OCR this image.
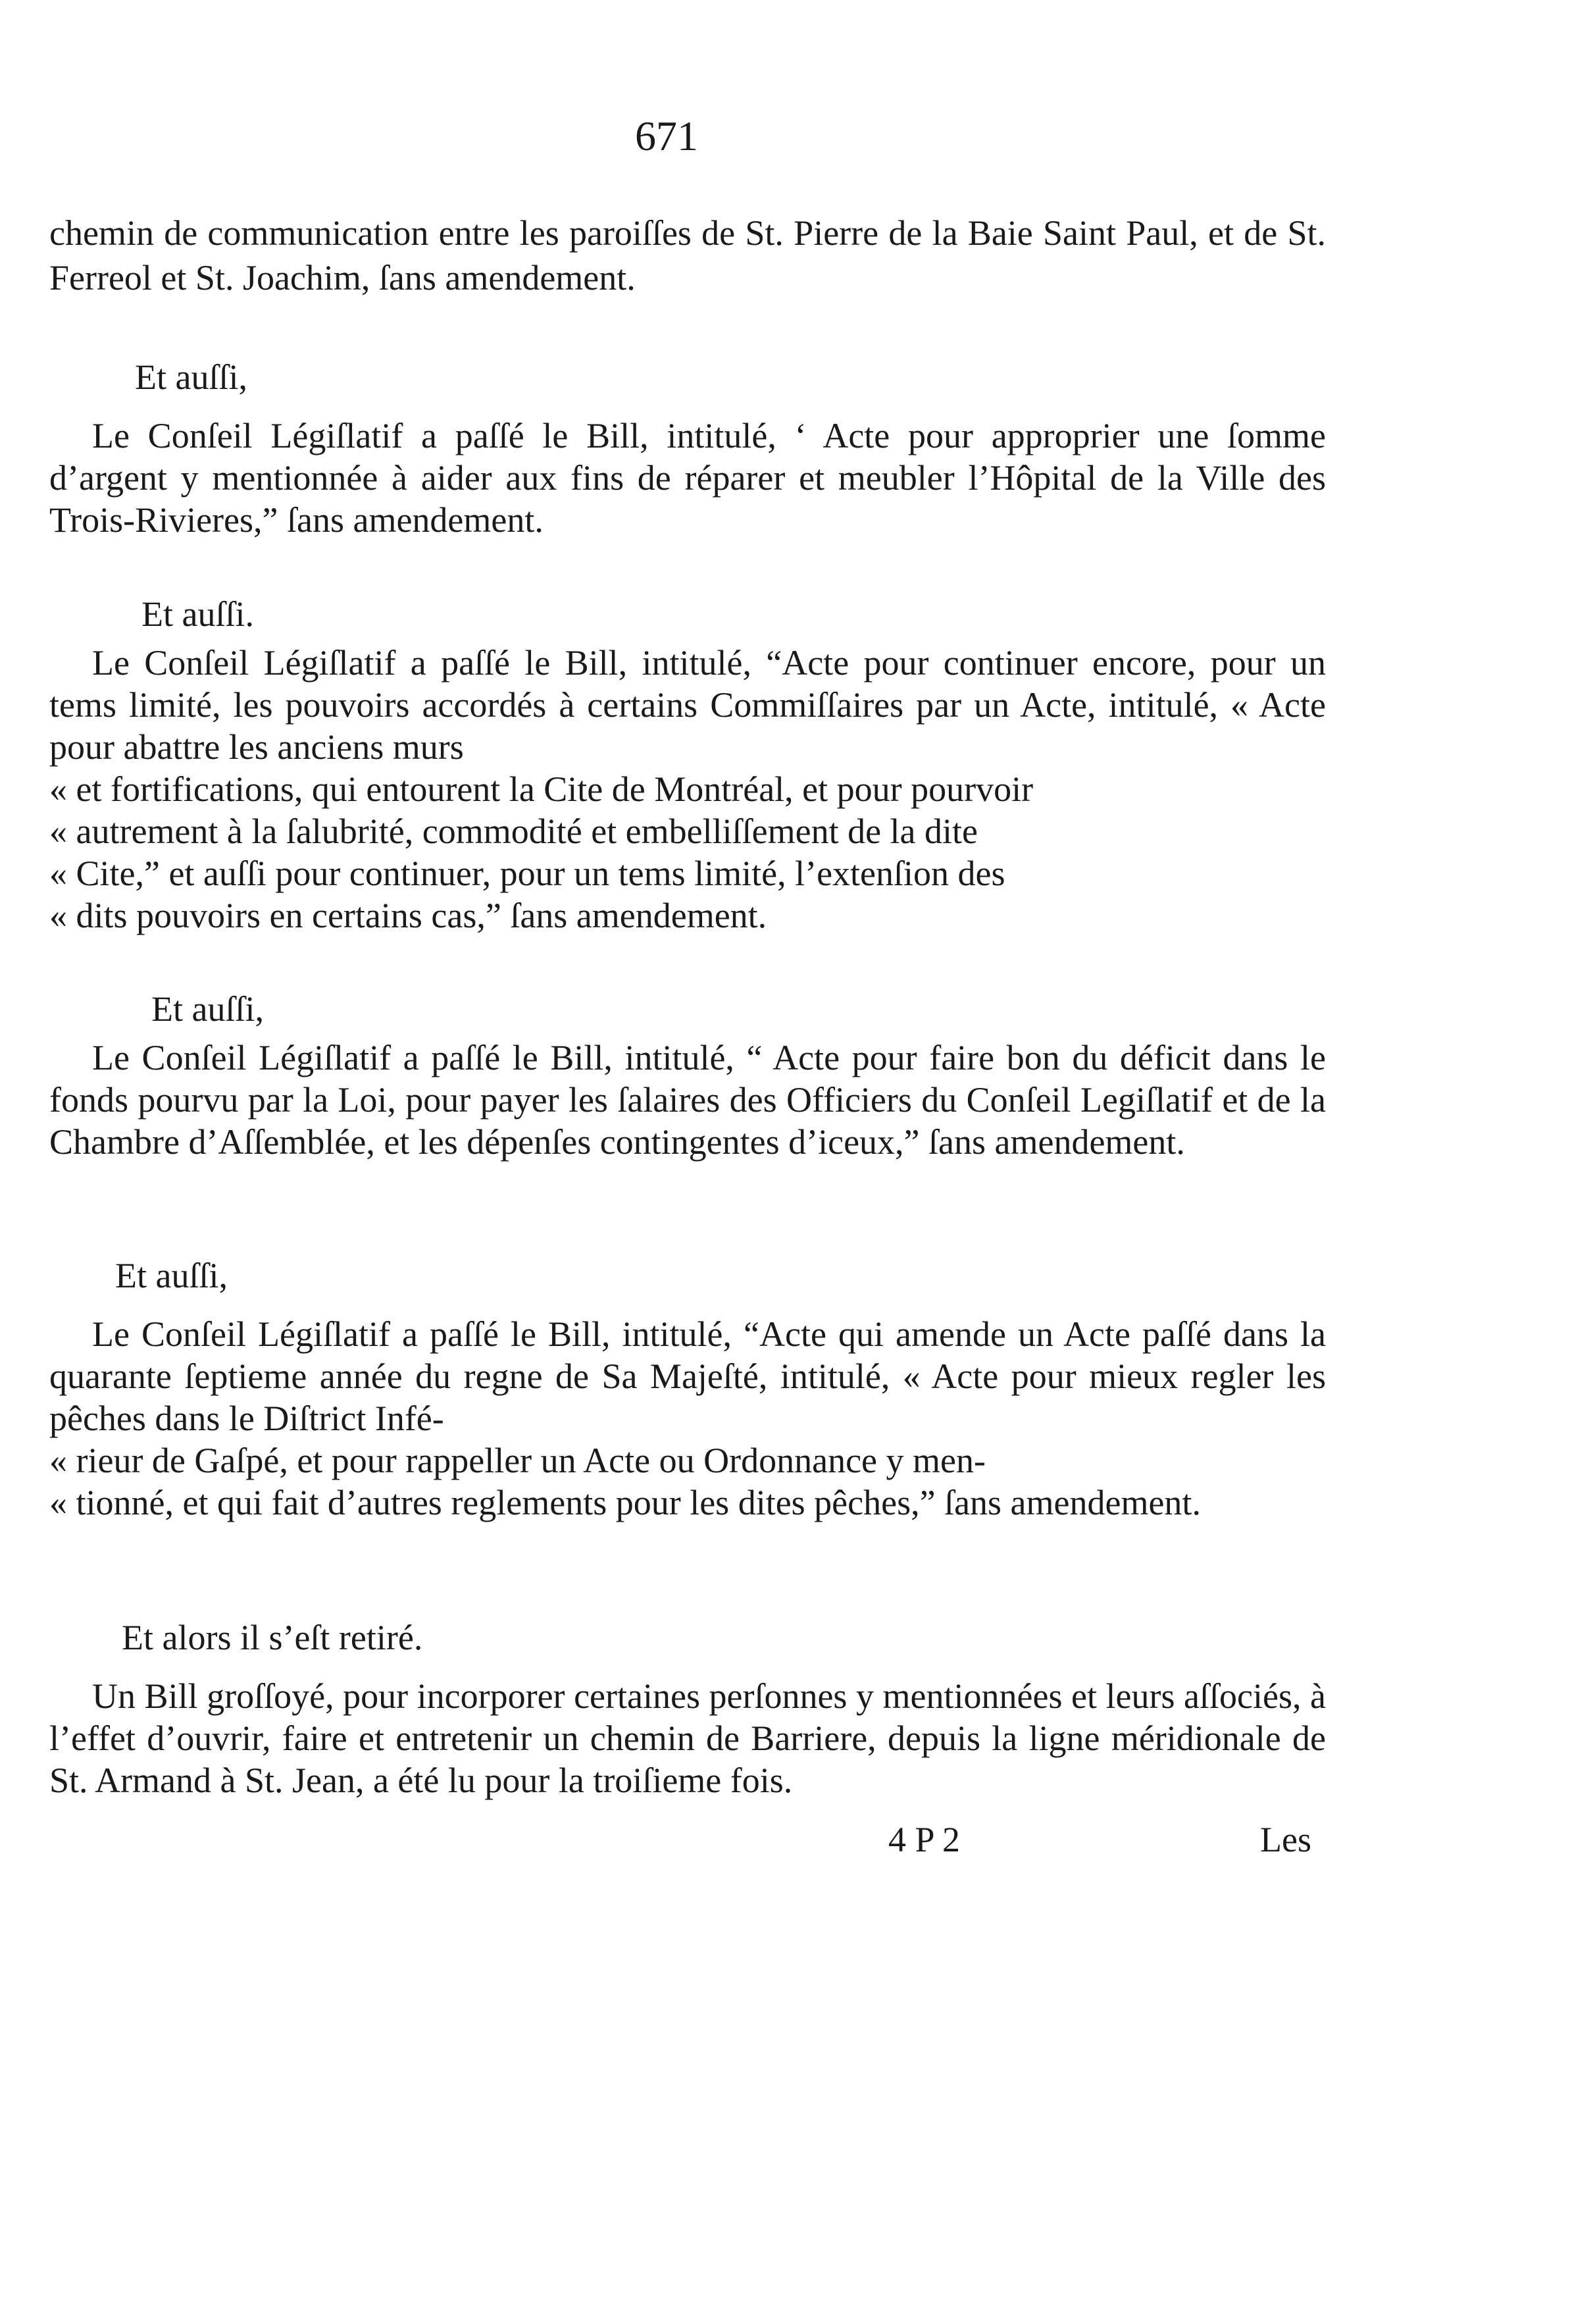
671
chemin de communication entre les paroiſſes de St. Pierre de la Baie Saint Paul, et de St. Ferreol et St. Joachim, ſans amendement.
Et auſſi,
Le Conſeil Légiſlatif a paſſé le Bill, intitulé, ‘ Acte pour approprier une ſomme d’argent y mentionnée à aider aux fins de réparer et meubler l’Hôpital de la Ville des Trois-Rivieres,” ſans amendement.
Et auſſi.
Le Conſeil Légiſlatif a paſſé le Bill, intitulé, “Acte pour continuer encore, pour un tems limité, les pouvoirs accordés à certains Commiſſaires par un Acte, intitulé, « Acte pour abattre les anciens murs
« et fortifications, qui entourent la Cite de Montréal, et pour pourvoir
« autrement à la ſalubrité, commodité et embelliſſement de la dite
« Cite,” et auſſi pour continuer, pour un tems limité, l’extenſion des
« dits pouvoirs en certains cas,” ſans amendement.
Et auſſi,
Le Conſeil Légiſlatif a paſſé le Bill, intitulé, “ Acte pour faire bon du déficit dans le fonds pourvu par la Loi, pour payer les ſalaires des Officiers du Conſeil Legiſlatif et de la Chambre d’Aſſemblée, et les dépenſes contingentes d’iceux,” ſans amendement.
Et auſſi,
Le Conſeil Légiſlatif a paſſé le Bill, intitulé, “Acte qui amende un Acte paſſé dans la quarante ſeptieme année du regne de Sa Majeſté, intitulé, « Acte pour mieux regler les pêches dans le Diſtrict Infé-
« rieur de Gaſpé, et pour rappeller un Acte ou Ordonnance y men-
« tionné, et qui fait d’autres reglements pour les dites pêches,” ſans amendement.
Et alors il s’eſt retiré.
Un Bill groſſoyé, pour incorporer certaines perſonnes y mentionnées et leurs aſſociés, à l’effet d’ouvrir, faire et entretenir un chemin de Barriere, depuis la ligne méridionale de St. Armand à St. Jean, a été lu pour la troiſieme fois.
4 P 2	Les
